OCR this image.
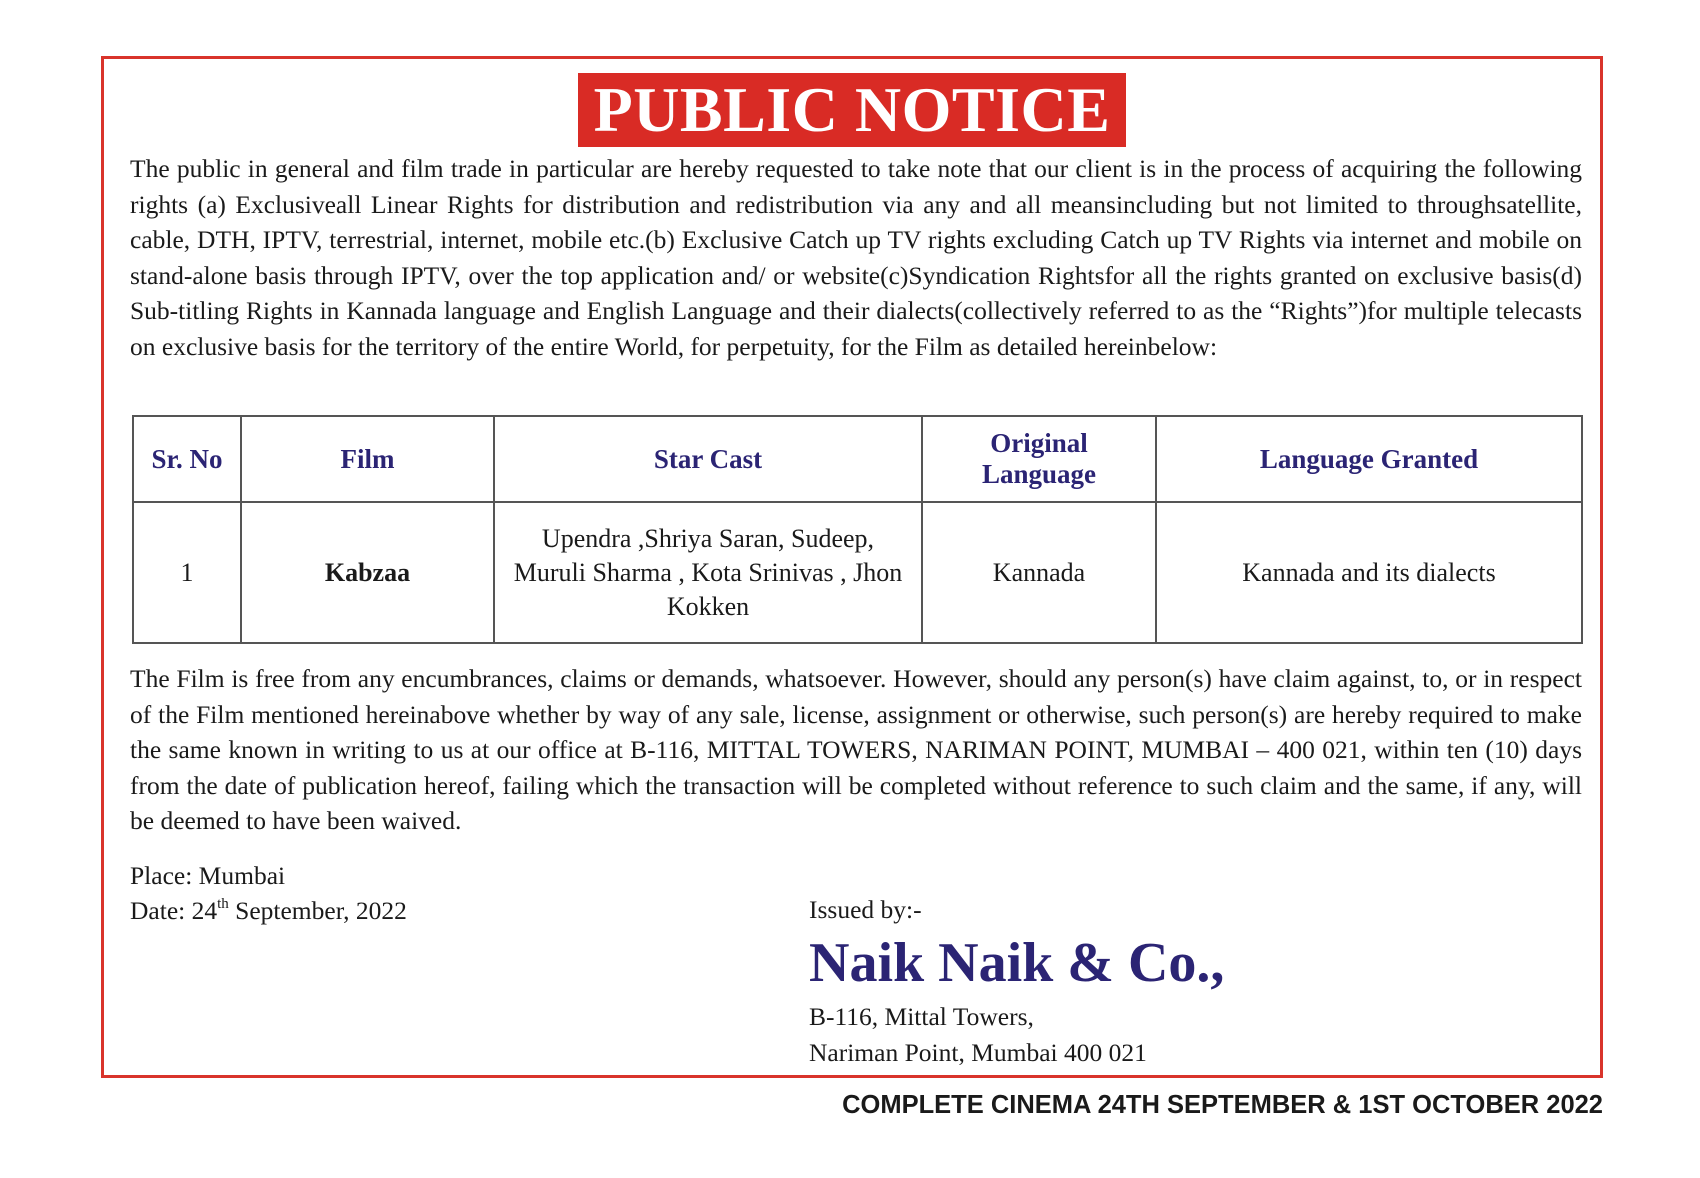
PUBLIC NOTICE

The public in general and film trade in particular are hereby requested to take note that our client is in the process of acquiring the following rights (a) Exclusiveall Linear Rights for distribution and redistribution via any and all meansincluding but not limited to throughsatellite, cable, DTH, IPTV, terrestrial, internet, mobile etc.(b) Exclusive Catch up TV rights excluding Catch up TV Rights via internet and mobile on stand-alone basis through IPTV, over the top application and/ or website(c)Syndication Rightsfor all the rights granted on exclusive basis(d) Sub-titling Rights in Kannada language and English Language and their dialects(collectively referred to as the “Rights”)for multiple telecasts on exclusive basis for the territory of the entire World, for perpetuity, for the Film as detailed hereinbelow:

Sr. No	Film	Star Cast	Original Language	Language Granted
1	Kabzaa	Upendra ,Shriya Saran, Sudeep, Muruli Sharma , Kota Srinivas , Jhon Kokken	Kannada	Kannada and its dialects

The Film is free from any encumbrances, claims or demands, whatsoever. However, should any person(s) have claim against, to, or in respect of the Film mentioned hereinabove whether by way of any sale, license, assignment or otherwise, such person(s) are hereby required to make the same known in writing to us at our office at B-116, MITTAL TOWERS, NARIMAN POINT, MUMBAI – 400 021, within ten (10) days from the date of publication hereof, failing which the transaction will be completed without reference to such claim and the same, if any, will be deemed to have been waived.

Place: Mumbai
Date: 24th September, 2022	Issued by:-
Naik Naik & Co.,
B-116, Mittal Towers,
Nariman Point, Mumbai 400 021
COMPLETE CINEMA 24TH SEPTEMBER & 1ST OCTOBER 2022
